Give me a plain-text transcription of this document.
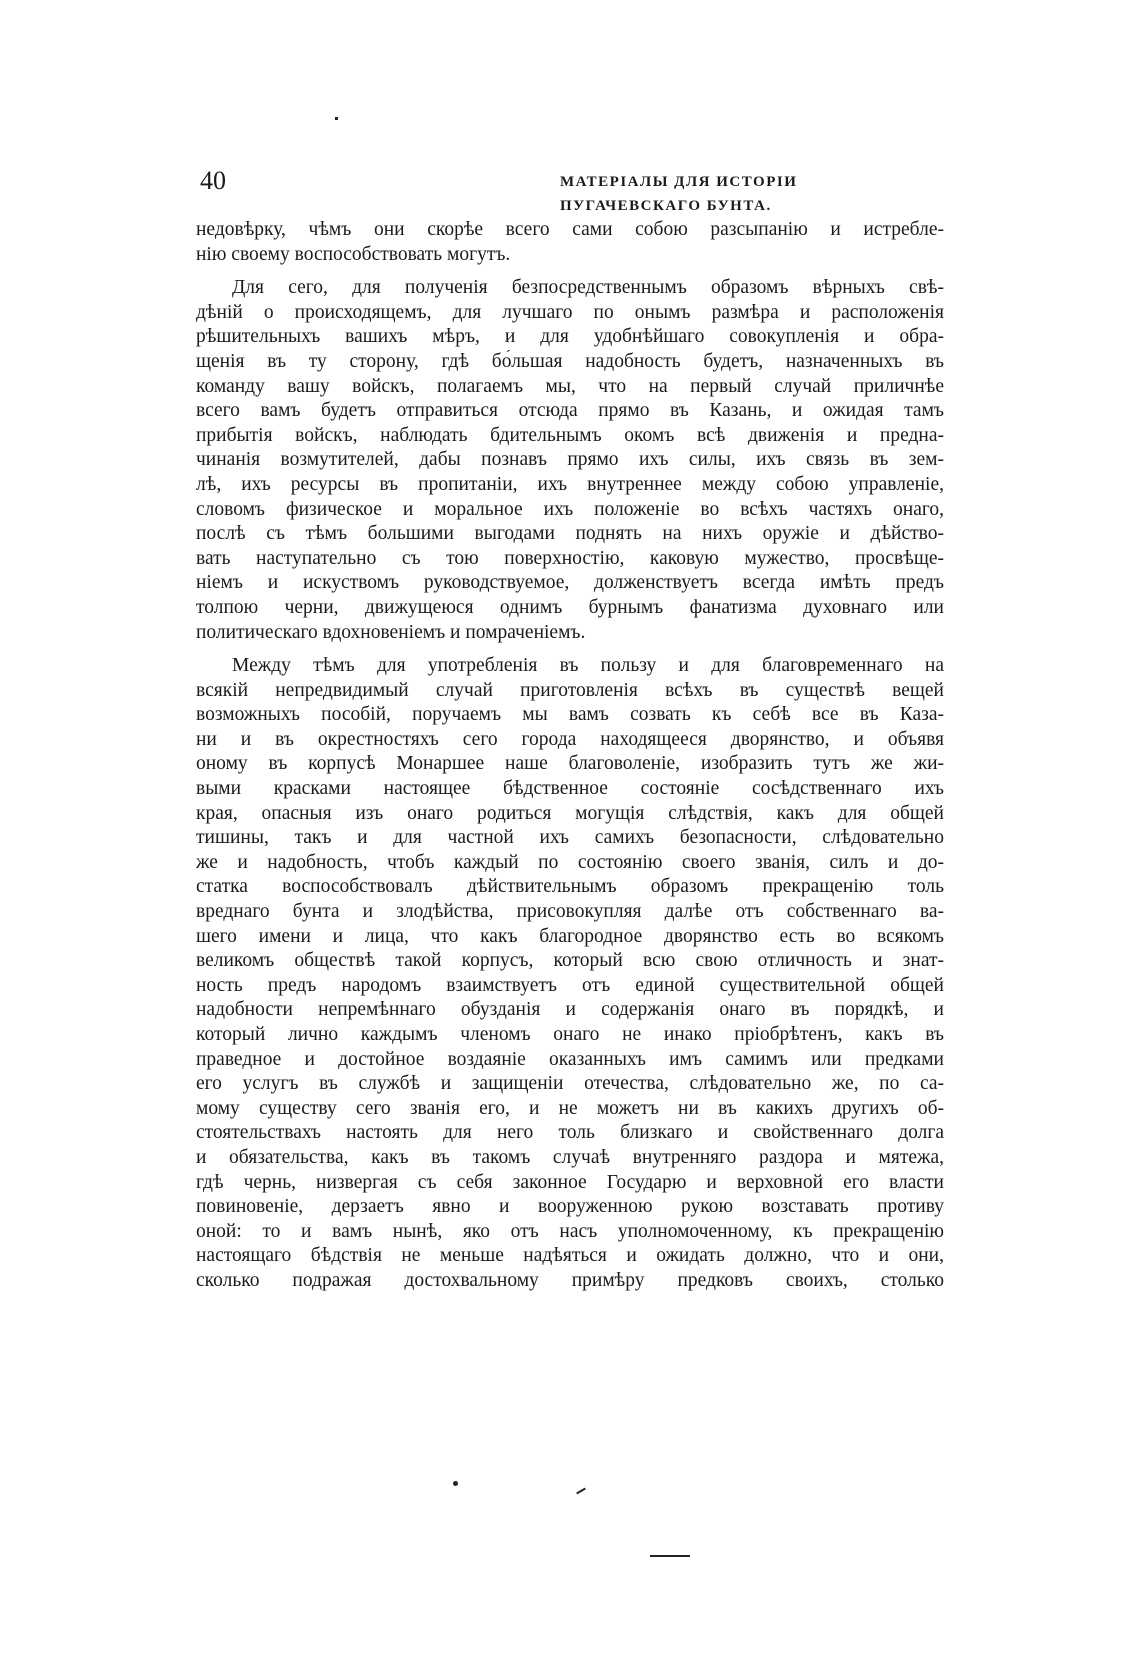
40	МАТЕРІАЛЫ ДЛЯ ИСТОРІИ ПУГАЧЕВСКАГО БУНТА.
недовѣрку, чѣмъ они скорѣе всего сами собою разсыпанію и истребле-
нію своему воспособствовать могутъ.
Для сего, для полученія безпосредственнымъ образомъ вѣрныхъ свѣ-
дѣній о происходящемъ, для лучшаго по онымъ размѣра и расположенія
рѣшительныхъ вашихъ мѣръ, и для удобнѣйшаго совокупленія и обра-
щенія въ ту сторону, гдѣ бо́льшая надобность будетъ, назначенныхъ въ
команду вашу войскъ, полагаемъ мы, что на первый случай приличнѣе
всего вамъ будетъ отправиться отсюда прямо въ Казань, и ожидая тамъ
прибытія войскъ, наблюдать бдительнымъ окомъ всѣ движенія и предна-
чинанія возмутителей, дабы познавъ прямо ихъ силы, ихъ связь въ зем-
лѣ, ихъ ресурсы въ пропитаніи, ихъ внутреннее между собою управленіе,
словомъ физическое и моральное ихъ положеніе во всѣхъ частяхъ онаго,
послѣ съ тѣмъ большими выгодами поднять на нихъ оружіе и дѣйство-
вать наступательно съ тою поверхностію, каковую мужество, просвѣще-
ніемъ и искуствомъ руководствуемое, долженствуетъ всегда имѣть предъ
толпою черни, движущеюся однимъ бурнымъ фанатизма духовнаго или
политическаго вдохновеніемъ и помраченіемъ.
Между тѣмъ для употребленія въ пользу и для благовременнаго на
всякій непредвидимый случай приготовленія всѣхъ въ существѣ вещей
возможныхъ пособій, поручаемъ мы вамъ созвать къ себѣ все въ Каза-
ни и въ окрестностяхъ сего города находящееся дворянство, и объявя
оному въ корпусѣ Монаршее наше благоволеніе, изобразить тутъ же жи-
выми красками настоящее бѣдственное состояніе сосѣдственнаго ихъ
края, опасныя изъ онаго родиться могущія слѣдствія, какъ для общей
тишины, такъ и для частной ихъ самихъ безопасности, слѣдовательно
же и надобность, чтобъ каждый по состоянію своего званія, силъ и до-
статка воспособствовалъ дѣйствительнымъ образомъ прекращенію толь
вреднаго бунта и злодѣйства, присовокупляя далѣе отъ собственнаго ва-
шего имени и лица, что какъ благородное дворянство есть во всякомъ
великомъ обществѣ такой корпусъ, который всю свою отличность и знат-
ность предъ народомъ взаимствуетъ отъ единой существительной общей
надобности непремѣннаго обузданія и содержанія онаго въ порядкѣ, и
который лично каждымъ членомъ онаго не инако пріобрѣтенъ, какъ въ
праведное и достойное воздаяніе оказанныхъ имъ самимъ или предками
его услугъ въ службѣ и защищеніи отечества, слѣдовательно же, по са-
мому существу сего званія его, и не можетъ ни въ какихъ другихъ об-
стоятельствахъ настоять для него толь близкаго и свойственнаго долга
и обязательства, какъ въ такомъ случаѣ внутренняго раздора и мятежа,
гдѣ чернь, низвергая съ себя законное Государю и верховной его власти
повиновеніе, дерзаетъ явно и вооруженною рукою возставать противу
оной: то и вамъ нынѣ, яко отъ насъ уполномоченному, къ прекращенію
настоящаго бѣдствія не меньше надѣяться и ожидать должно, что и они,
сколько подражая достохвальному примѣру предковъ своихъ, столько
